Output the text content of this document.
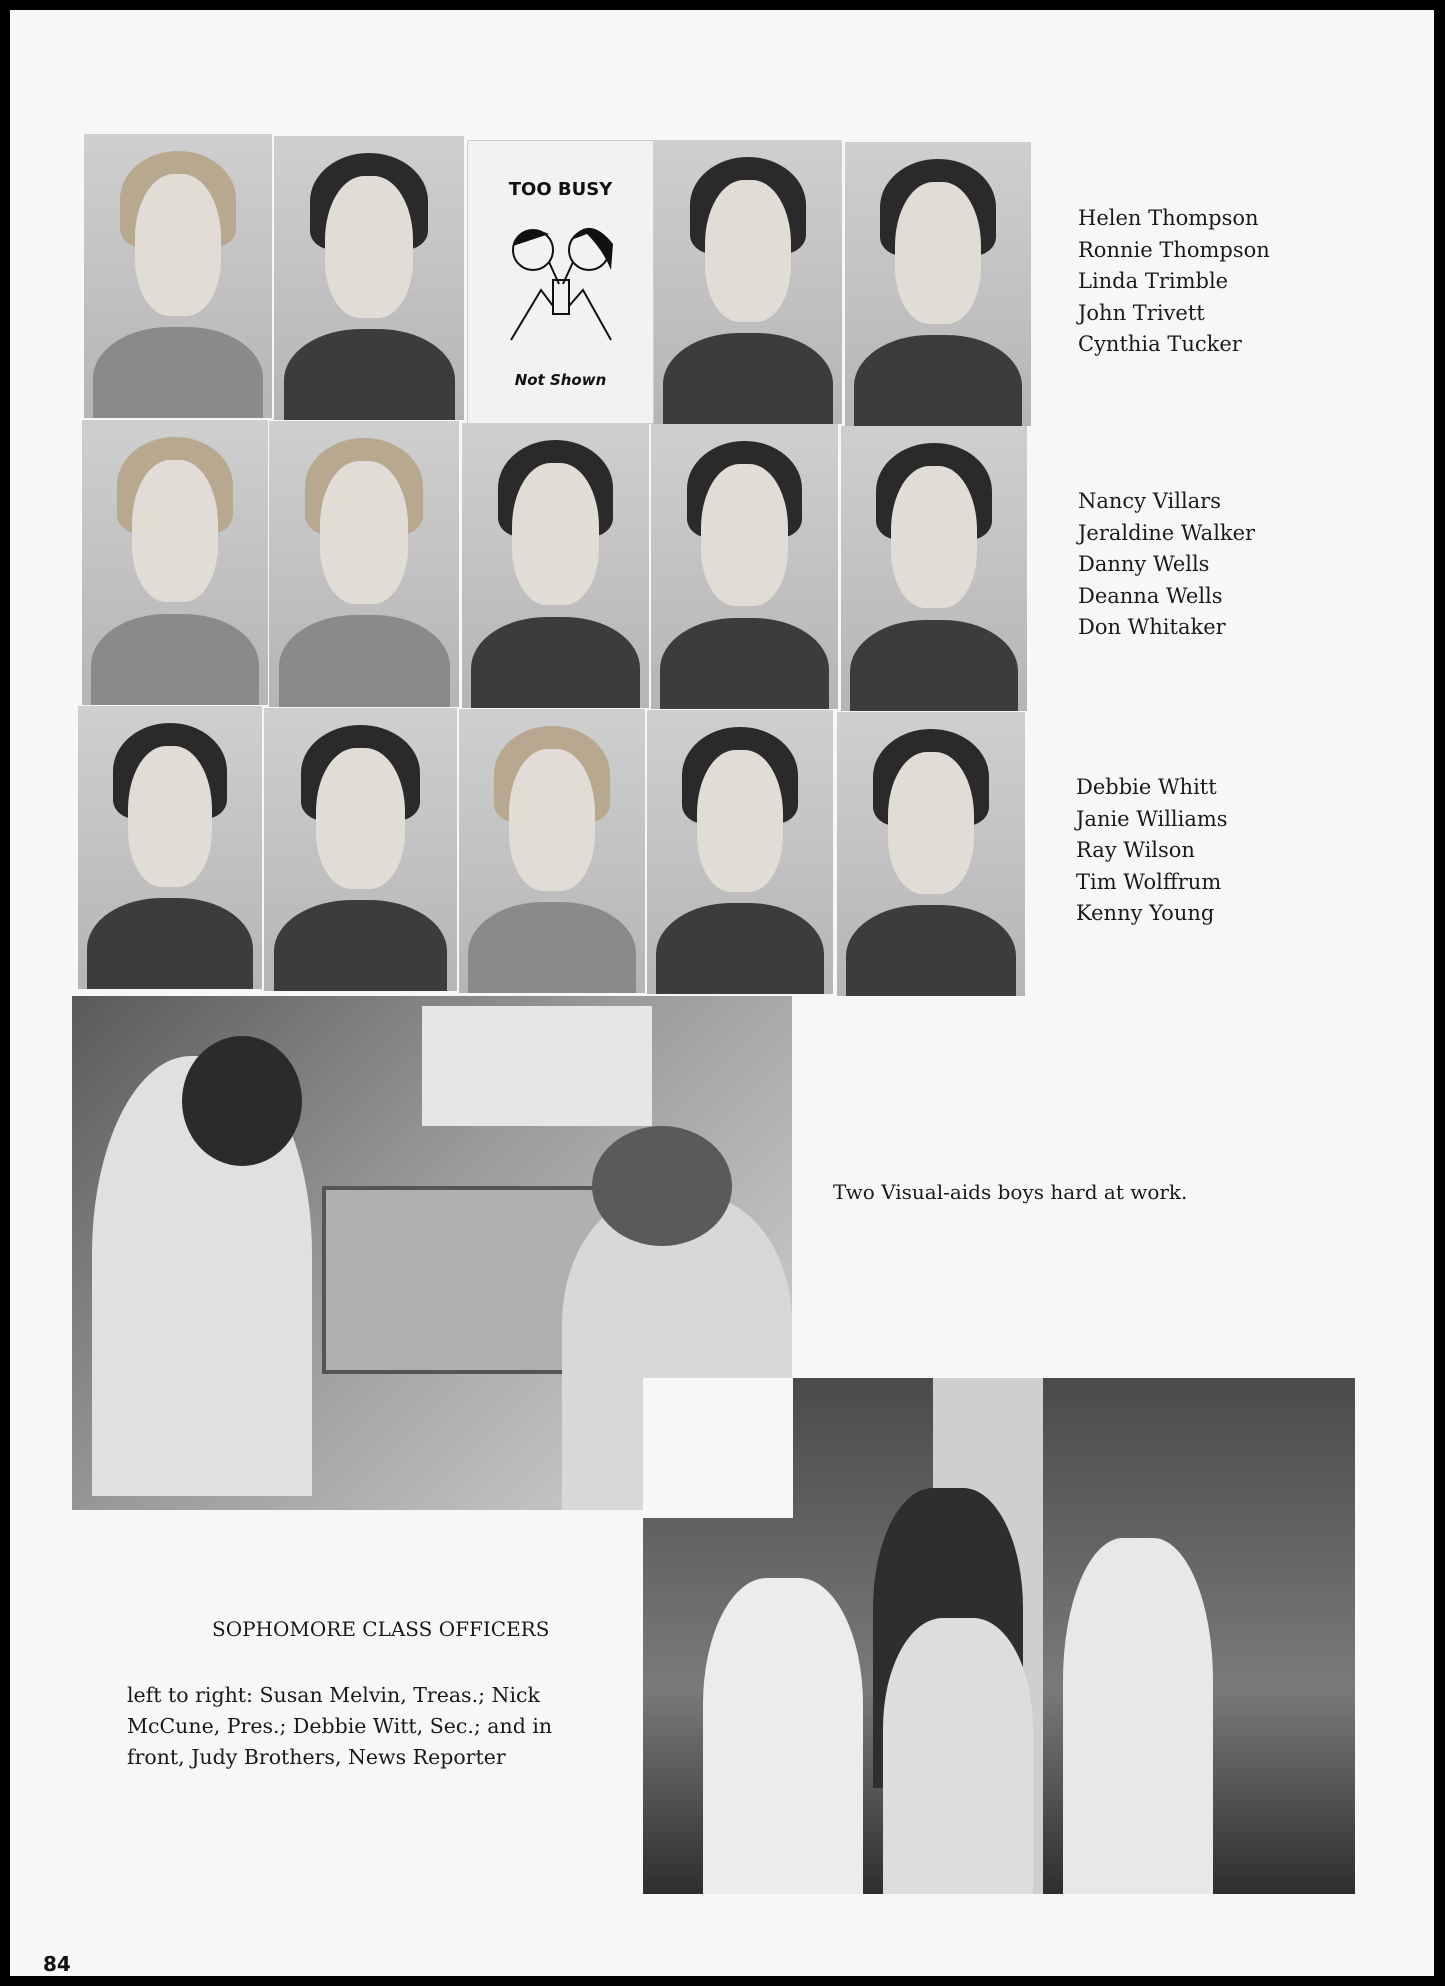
TOO BUSY
Not Shown
Helen Thompson
Ronnie Thompson
Linda Trimble
John Trivett
Cynthia Tucker
Nancy Villars
Jeraldine Walker
Danny Wells
Deanna Wells
Don Whitaker
Debbie Whitt
Janie Williams
Ray Wilson
Tim Wolffrum
Kenny Young
Two Visual-aids boys hard at work.
SOPHOMORE CLASS OFFICERS
left to right: Susan Melvin, Treas.; Nick
McCune, Pres.; Debbie Witt, Sec.; and in
front, Judy Brothers, News Reporter
84
